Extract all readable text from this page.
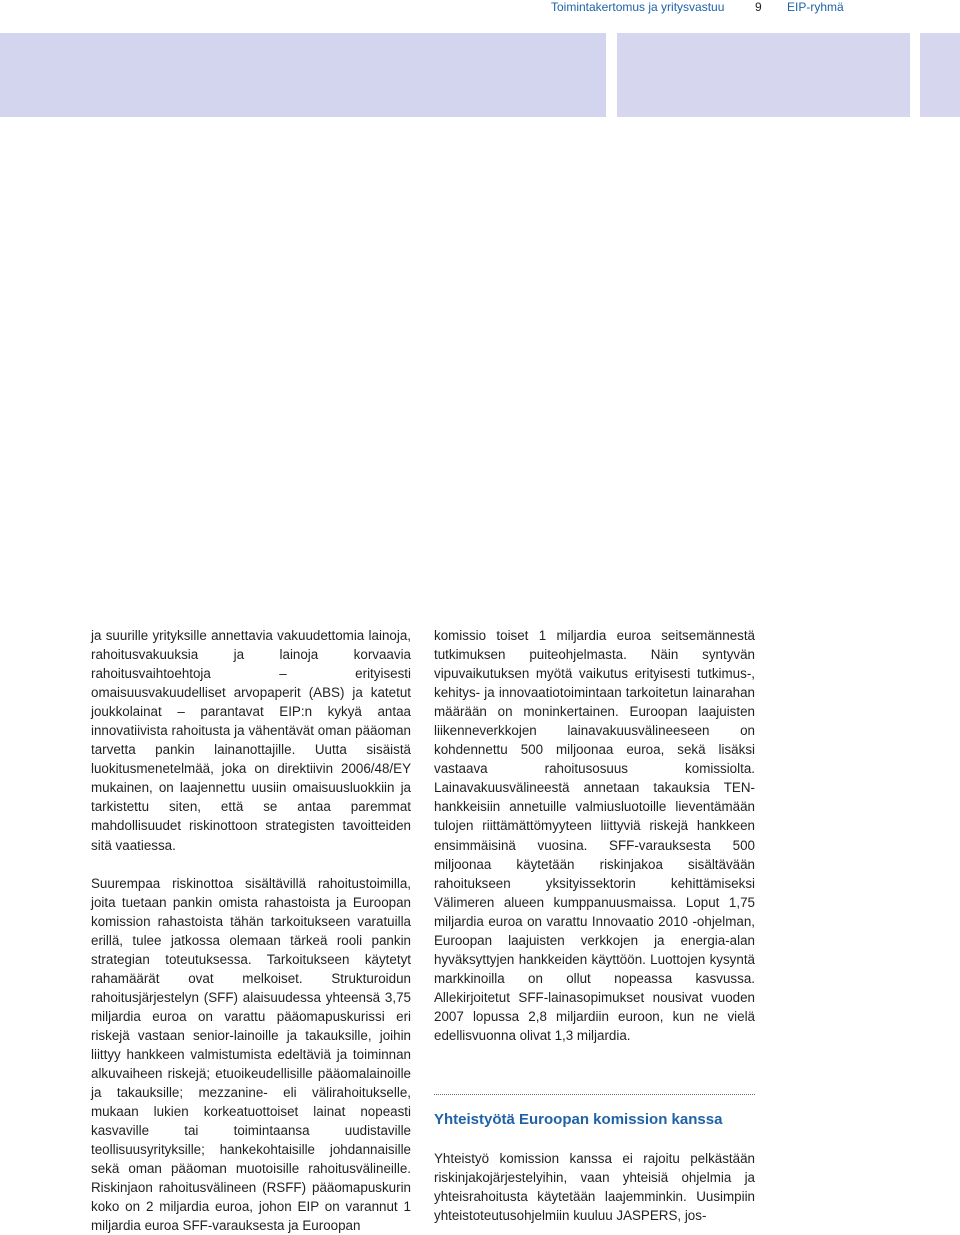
Toimintakertomus ja yritysvastuu	9 EIP-ryhmä

ja suurille yrityksille annettavia vakuudettomia lainoja, rahoitusvakuuksia ja lainoja korvaavia rahoitusvaihtoehtoja – erityisesti omaisuusvakuudelliset arvopaperit (ABS) ja katetut joukkolainat – parantavat EIP:n kykyä antaa innovatiivista rahoitusta ja vähentävät oman pääoman tarvetta pankin lainanottajille. Uutta sisäistä luokitusmenetelmää, joka on direktiivin 2006/48/EY mukainen, on laajennettu uusiin omaisuusluokkiin ja tarkistettu siten, että se antaa paremmat mahdollisuudet riskinottoon strategisten tavoitteiden sitä vaatiessa.

Suurempaa riskinottoa sisältävillä rahoitustoimilla, joita tuetaan pankin omista rahastoista ja Euroopan komission rahastoista tähän tarkoitukseen varatuilla erillä, tulee jatkossa olemaan tärkeä rooli pankin strategian toteutuksessa. Tarkoitukseen käytetyt rahamäärät ovat melkoiset. Strukturoidun rahoitusjärjestelyn (SFF) alaisuudessa yhteensä 3,75 miljardia euroa on varattu pääomapuskurissi eri riskejä vastaan senior-lainoille ja takauksille, joihin liittyy hankkeen valmistumista edeltäviä ja toiminnan alkuvaiheen riskejä; etuoikeudellisille pääomalainoille ja takauksille; mezzanine- eli välirahoitukselle, mukaan lukien korkeatuottoiset lainat nopeasti kasvaville tai toimintaansa uudistaville teollisuusyrityksille; hankekohtaisille johdannaisille sekä oman pääoman muotoisille rahoitusvälineille. Riskinjaon rahoitusvälineen (RSFF) pääomapuskurin koko on 2 miljardia euroa, johon EIP on varannut 1 miljardia euroa SFF-varauksesta ja Euroopan

komissio toiset 1 miljardia euroa seitsemännestä tutkimuksen puiteohjelmasta. Näin syntyvän vipuvaikutuksen myötä vaikutus erityisesti tutkimus-, kehitys- ja innovaatiotoimintaan tarkoitetun lainarahan määrään on moninkertainen. Euroopan laajuisten liikenneverkkojen lainavakuusvälineeseen on kohdennettu 500 miljoonaa euroa, sekä lisäksi vastaava rahoitusosuus komissiolta. Lainavakuusvälineestä annetaan takauksia TEN-hankkeisiin annetuille valmiusluotoille lieventämään tulojen riittämättömyyteen liittyviä riskejä hankkeen ensimmäisinä vuosina. SFF-varauksesta 500 miljoonaa käytetään riskinjakoa sisältävään rahoitukseen yksityissektorin kehittämiseksi Välimeren alueen kumppanuusmaissa. Loput 1,75 miljardia euroa on varattu Innovaatio 2010 -ohjelman, Euroopan laajuisten verkkojen ja energia-alan hyväksyttyjen hankkeiden käyttöön. Luottojen kysyntä markkinoilla on ollut nopeassa kasvussa. Allekirjoitetut SFF-lainasopimukset nousivat vuoden 2007 lopussa 2,8 miljardiin euroon, kun ne vielä edellisvuonna olivat 1,3 miljardia.

Yhteistyötä Euroopan komission kanssa

Yhteistyö komission kanssa ei rajoitu pelkästään riskinjakojärjestelyihin, vaan yhteisiä ohjelmia ja yhteisrahoitusta käytetään laajemminkin. Uusimpiin yhteistoteutusohjelmiin kuuluu JASPERS, jos-
